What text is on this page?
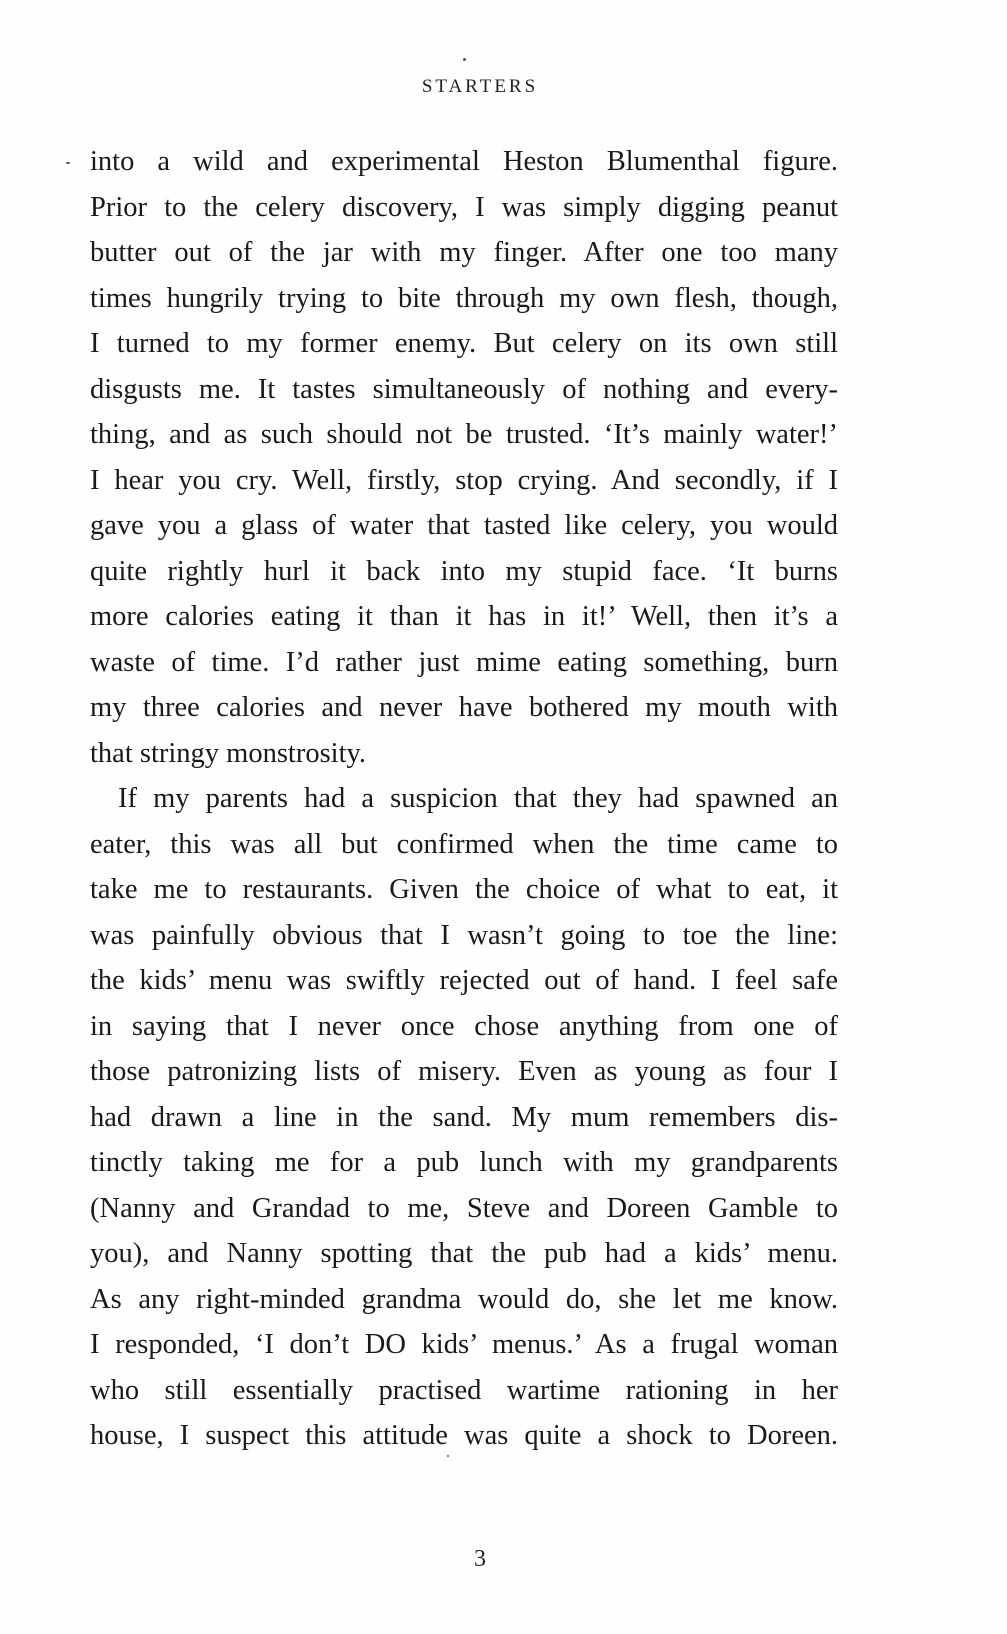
STARTERS
into a wild and experimental Heston Blumenthal figure.
Prior to the celery discovery, I was simply digging peanut
butter out of the jar with my finger. After one too many
times hungrily trying to bite through my own flesh, though,
I turned to my former enemy. But celery on its own still
disgusts me. It tastes simultaneously of nothing and every-
thing, and as such should not be trusted. ‘It’s mainly water!’
I hear you cry. Well, firstly, stop crying. And secondly, if I
gave you a glass of water that tasted like celery, you would
quite rightly hurl it back into my stupid face. ‘It burns
more calories eating it than it has in it!’ Well, then it’s a
waste of time. I’d rather just mime eating something, burn
my three calories and never have bothered my mouth with
that stringy monstrosity.
If my parents had a suspicion that they had spawned an
eater, this was all but confirmed when the time came to
take me to restaurants. Given the choice of what to eat, it
was painfully obvious that I wasn’t going to toe the line:
the kids’ menu was swiftly rejected out of hand. I feel safe
in saying that I never once chose anything from one of
those patronizing lists of misery. Even as young as four I
had drawn a line in the sand. My mum remembers dis-
tinctly taking me for a pub lunch with my grandparents
(Nanny and Grandad to me, Steve and Doreen Gamble to
you), and Nanny spotting that the pub had a kids’ menu.
As any right-minded grandma would do, she let me know.
I responded, ‘I don’t DO kids’ menus.’ As a frugal woman
who still essentially practised wartime rationing in her
house, I suspect this attitude was quite a shock to Doreen.
3
